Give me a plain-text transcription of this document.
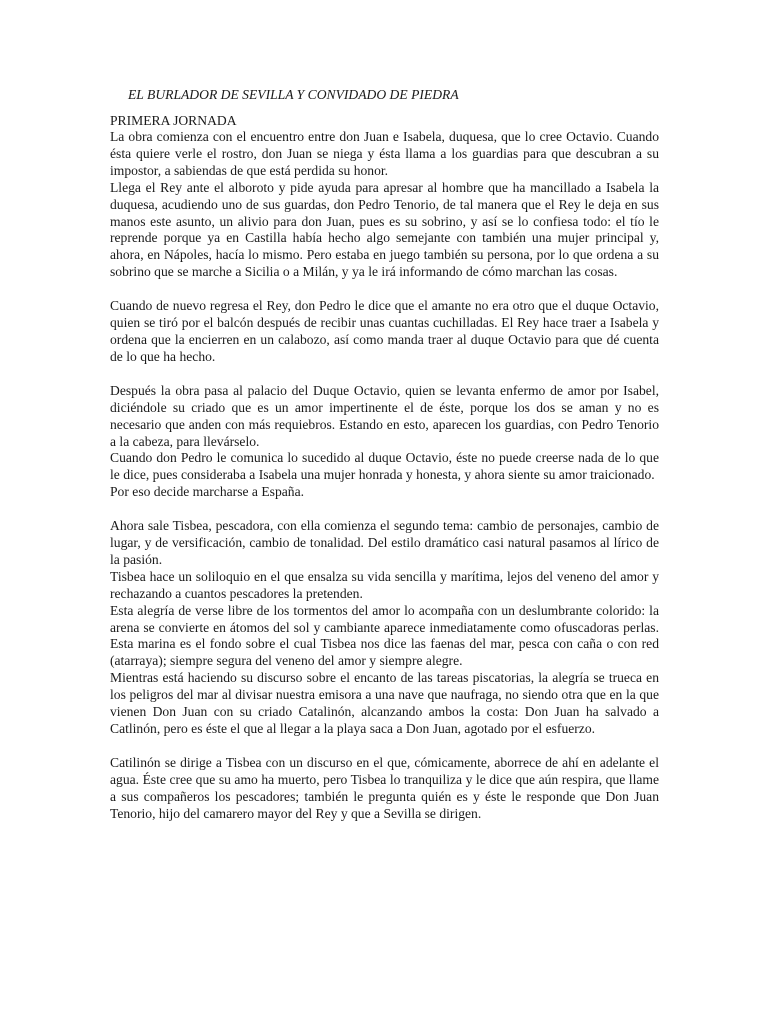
EL BURLADOR DE SEVILLA Y CONVIDADO DE PIEDRA
PRIMERA JORNADA

La obra comienza con el encuentro entre don Juan e Isabela, duquesa, que lo cree Octavio. Cuando ésta quiere verle el rostro, don Juan se niega y ésta llama a los guardias para que descubran a su impostor, a sabiendas de que está perdida su honor.

Llega el Rey ante el alboroto y pide ayuda para apresar al hombre que ha mancillado a Isabela la duquesa, acudiendo uno de sus guardas, don Pedro Tenorio, de tal manera que el Rey le deja en sus manos este asunto, un alivio para don Juan, pues es su sobrino, y así se lo confiesa todo: el tío le reprende porque ya en Castilla había hecho algo semejante con también una mujer principal y, ahora, en Nápoles, hacía lo mismo. Pero estaba en juego también su persona, por lo que ordena a su sobrino que se marche a Sicilia o a Milán, y ya le irá informando de cómo marchan las cosas.

Cuando de nuevo regresa el Rey, don Pedro le dice que el amante no era otro que el duque Octavio, quien se tiró por el balcón después de recibir unas cuantas cuchilladas. El Rey hace traer a Isabela y ordena que la encierren en un calabozo, así como manda traer al duque Octavio para que dé cuenta de lo que ha hecho.

Después la obra pasa al palacio del Duque Octavio, quien se levanta enfermo de amor por Isabel, diciéndole su criado que es un amor impertinente el de éste, porque los dos se aman y no es necesario que anden con más requiebros. Estando en esto, aparecen los guardias, con Pedro Tenorio a la cabeza, para llevárselo.

Cuando don Pedro le comunica lo sucedido al duque Octavio, éste no puede creerse nada de lo que le dice, pues consideraba a Isabela una mujer honrada y honesta, y ahora siente su amor traicionado.

Por eso decide marcharse a España.

Ahora sale Tisbea, pescadora, con ella comienza el segundo tema: cambio de personajes, cambio de lugar, y de versificación, cambio de tonalidad. Del estilo dramático casi natural pasamos al lírico de la pasión.

Tisbea hace un soliloquio en el que ensalza su vida sencilla y marítima, lejos del veneno del amor y rechazando a cuantos pescadores la pretenden.

Esta alegría de verse libre de los tormentos del amor lo acompaña con un deslumbrante colorido: la arena se convierte en átomos del sol y cambiante aparece inmediatamente como ofuscadoras perlas. Esta marina es el fondo sobre el cual Tisbea nos dice las faenas del mar, pesca con caña o con red (atarraya); siempre segura del veneno del amor y siempre alegre.

Mientras está haciendo su discurso sobre el encanto de las tareas piscatorias, la alegría se trueca en los peligros del mar al divisar nuestra emisora a una nave que naufraga, no siendo otra que en la que vienen Don Juan con su criado Catalinón, alcanzando ambos la costa: Don Juan ha salvado a Catlinón, pero es éste el que al llegar a la playa saca a Don Juan, agotado por el esfuerzo.

Catilinón se dirige a Tisbea con un discurso en el que, cómicamente, aborrece de ahí en adelante el agua. Éste cree que su amo ha muerto, pero Tisbea lo tranquiliza y le dice que aún respira, que llame a sus compañeros los pescadores; también le pregunta quién es y éste le responde que Don Juan Tenorio, hijo del camarero mayor del Rey y que a Sevilla se dirigen.
